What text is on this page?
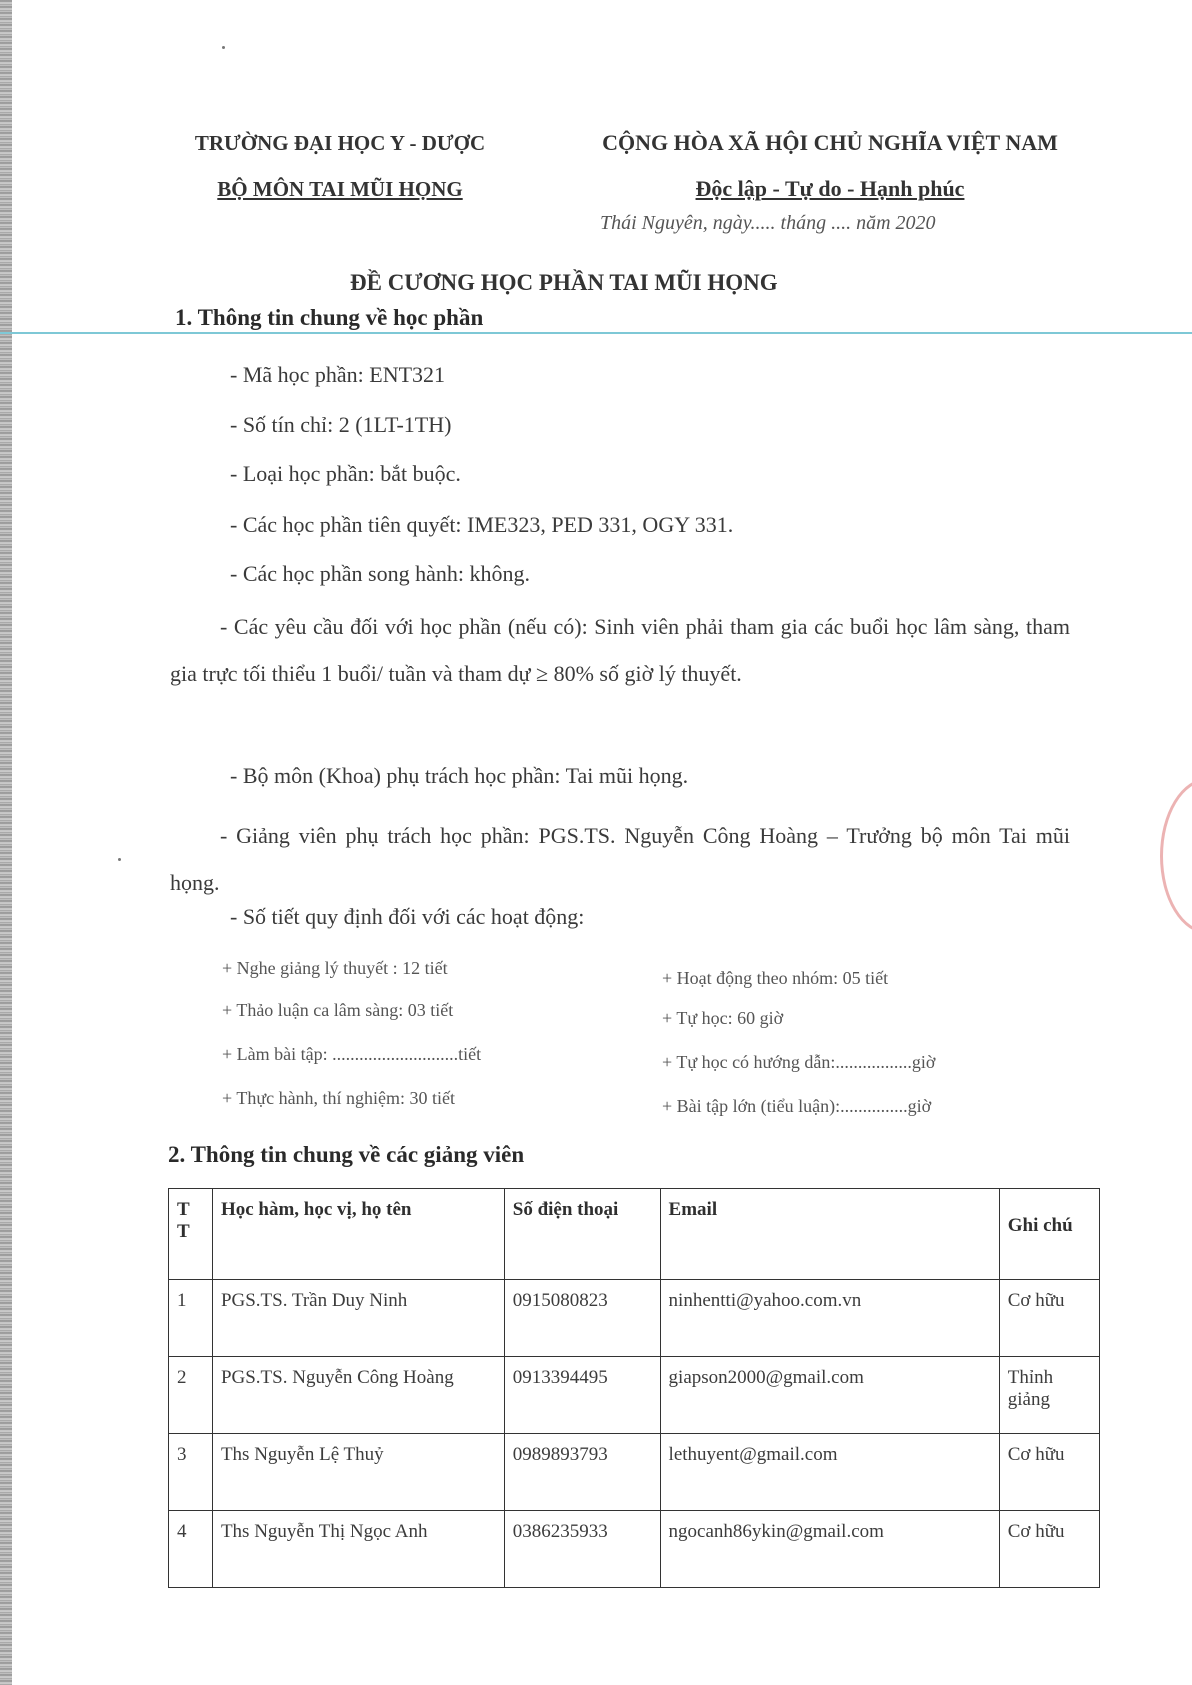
TRƯỜNG ĐẠI HỌC Y - DƯỢC
BỘ MÔN TAI MŨI HỌNG
CỘNG HÒA XÃ HỘI CHỦ NGHĨA VIỆT NAM
Độc lập - Tự do - Hạnh phúc
Thái Nguyên, ngày..... tháng .... năm 2020
ĐỀ CƯƠNG HỌC PHẦN TAI MŨI HỌNG
1. Thông tin chung về học phần
- Mã học phần: ENT321
- Số tín chỉ: 2 (1LT-1TH)
- Loại học phần: bắt buộc.
- Các học phần tiên quyết: IME323, PED 331, OGY 331.
- Các học phần song hành: không.
- Các yêu cầu đối với học phần (nếu có): Sinh viên phải tham gia các buổi học lâm sàng, tham gia trực tối thiểu 1 buổi/ tuần và tham dự ≥ 80% số giờ lý thuyết.
- Bộ môn (Khoa) phụ trách học phần: Tai mũi họng.
- Giảng viên phụ trách học phần: PGS.TS. Nguyễn Công Hoàng – Trưởng bộ môn Tai mũi họng.
- Số tiết quy định đối với các hoạt động:
+ Nghe giảng lý thuyết : 12 tiết
+ Thảo luận ca lâm sàng: 03 tiết
+ Làm bài tập: ............................tiết
+ Thực hành, thí nghiệm: 30 tiết
+ Hoạt động theo nhóm: 05 tiết
+ Tự học: 60 giờ
+ Tự học có hướng dẫn:.................giờ
+ Bài tập lớn (tiểu luận):...............giờ
2. Thông tin chung về các giảng viên
T T	Học hàm, học vị, họ tên	Số điện thoại	Email	Ghi chú
1	PGS.TS. Trần Duy Ninh	0915080823	ninhentti@yahoo.com.vn	Cơ hữu
2	PGS.TS. Nguyễn Công Hoàng	0913394495	giapson2000@gmail.com	Thỉnh giảng
3	Ths Nguyễn Lệ Thuỷ	0989893793	lethuyent@gmail.com	Cơ hữu
4	Ths Nguyễn Thị Ngọc Anh	0386235933	ngocanh86ykin@gmail.com	Cơ hữu
